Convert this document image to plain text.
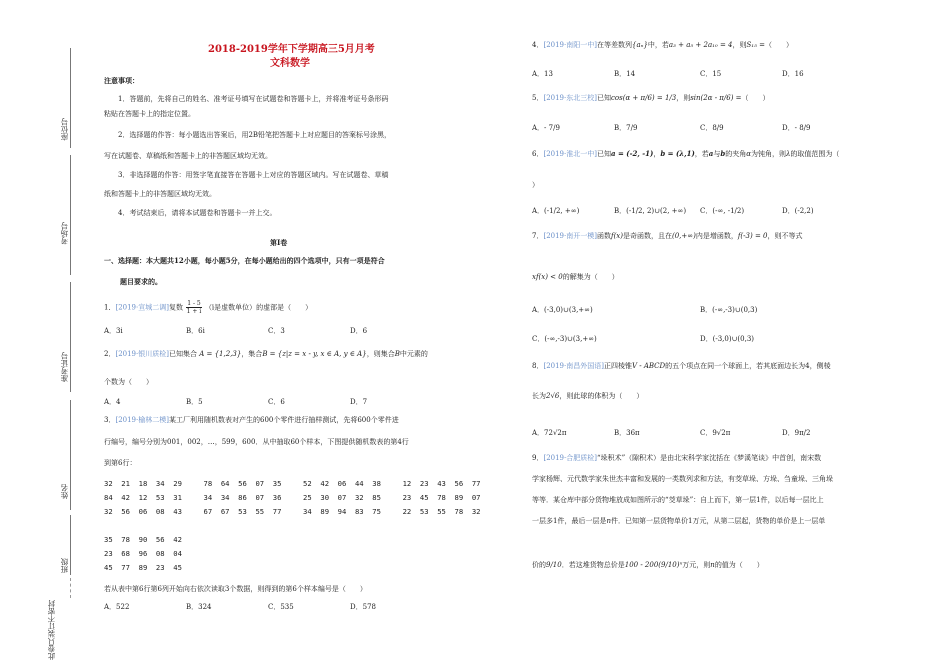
座位号
考场号
准考证号
姓名
班级
此卷只装订不密封
2018-2019学年下学期高三5月月考
文科数学
注意事项：
1．答题前，先将自己的姓名、准考证号填写在试题卷和答题卡上，并将准考证号条形码
粘贴在答题卡上的指定位置。
2．选择题的作答：每小题选出答案后，用2B铅笔把答题卡上对应题目的答案标号涂黑，
写在试题卷、草稿纸和答题卡上的非答题区域均无效。
3．非选择题的作答：用签字笔直接答在答题卡上对应的答题区域内。写在试题卷、草稿
纸和答题卡上的非答题区域均无效。
4．考试结束后，请将本试题卷和答题卡一并上交。
第Ⅰ卷
一、选择题：本大题共12小题，每小题5分，在每小题给出的四个选项中，只有一项是符合
题目要求的。
1．[2019·宣城二调]复数 $\frac{1 - 5}{1 + i} (i$是虚数单位）的虚部是（　　）
A．3i	B．6i	C．3	D．6
2．[2019·银川质检]已知集合 A = {1,2,3}，集合B = {z|z = x - y, x ∈ A, y ∈ A}，则集合B中元素的
个数为（　　）
A．4	B．5	C．6	D．7
3．[2019·榆林二模]某工厂利用随机数表对产生的600个零件进行抽样测试，先将600个零件进
行编号，编号分别为001，002，…，599，600．从中抽取60个样本，下图提供随机数表的第4行
到第6行：
32  21  18  34  29     78  64  56  07  35     52  42  06  44  38     12  23  43  56  77
84  42  12  53  31     34  34  86  07  36     25  30  07  32  85     23  45  78  89  07
32  56  06  08  43     67  67  53  55  77     34  89  94  83  75     22  53  55  78  32
35  78  90  56  42
23  68  96  08  04
45  77  89  23  45
若从表中第6行第6列开始向右依次读取3个数据，则得到的第6个样本编号是（　　）
A．522	B．324	C．535	D．578
4．[2019·南阳一中]在等差数列{aₙ}中，若a₃ + a₅ + 2a₁₀ = 4，则S₁₅ =（　　）
A．13	B．14	C．15	D．16
5．[2019·东北三校]已知cos(α + π/6) = 1/3，则sin(2α - π/6) =（　　）
A．- 7/9	B．7/9	C．8/9	D．- 8/9
6．[2019·淮北一中]已知a = (-2, -1)，b = (λ,1)，若a与b的夹角α为钝角，则λ的取值范围为（
）
A．(-1/2, +∞)	B．(-1/2, 2)∪(2, +∞) C．(-∞, -1/2)	D．(-2,2)
7．[2019·南开一模]函数f(x)是奇函数，且在(0,+∞)内是增函数，f(-3) = 0，则不等式
xf(x) < 0的解集为（　　）
A．(-3,0)∪(3,+∞)	B．(-∞,-3)∪(0,3)
C．(-∞,-3)∪(3,+∞)	D．(-3,0)∪(0,3)
8．[2019·南昌外国语]正四棱锥V - ABCD的五个项点在同一个球面上，若其底面边长为4，侧棱
长为2√6，则此球的体积为（　　）
A．72√2π	B．36π	C．9√2π	D．9π/2
9．[2019·合肥质检]“垛积术”（隙积术）是由北宋科学家沈括在《梦溪笔谈》中首创，南宋数
学家杨辉、元代数学家朱世杰丰富和发展的一类数列求和方法，有茭草垛、方垛、刍童垛、三角垛
等等．某仓库中部分货物堆放成如图所示的“茭草垛”：自上而下，第一层1件，以后每一层比上
一层多1件，最后一层是n件．已知第一层货物单价1万元，从第二层起，货物的单价是上一层单
价的9/10．若这堆货物总价是100 - 200(9/10)ⁿ万元，则n的值为（　　）
